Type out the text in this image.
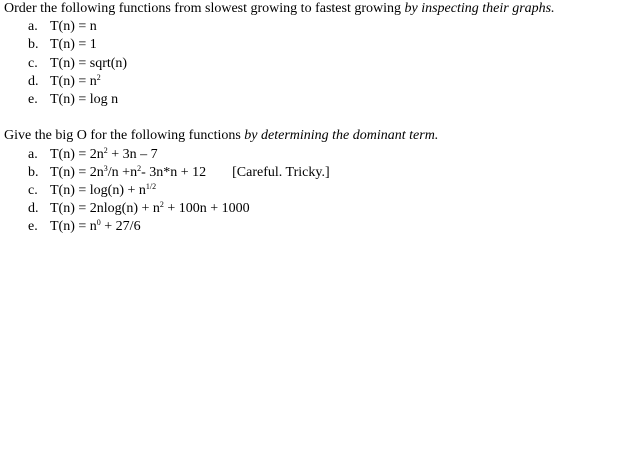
Order the following functions from slowest growing to fastest growing by inspecting their graphs.
a. T(n) = n
b. T(n) = 1
c. T(n) = sqrt(n)
d. $T(n) = n^2$
e. T(n) = log n
Give the big O for the following functions by determining the dominant term.
a. $T(n) = 2n^2 + 3n - 7$
b. $T(n) = 2n^3/n +n^2-$ 3n*n + 12 [Careful. Tricky.]
c. $T(n) = \log(n) + n^{1/2}$
d. $T(n) = 2nlog(n) + n^2 + 100n + 1000$
e. $T(n) = n^0 + 27/6$
